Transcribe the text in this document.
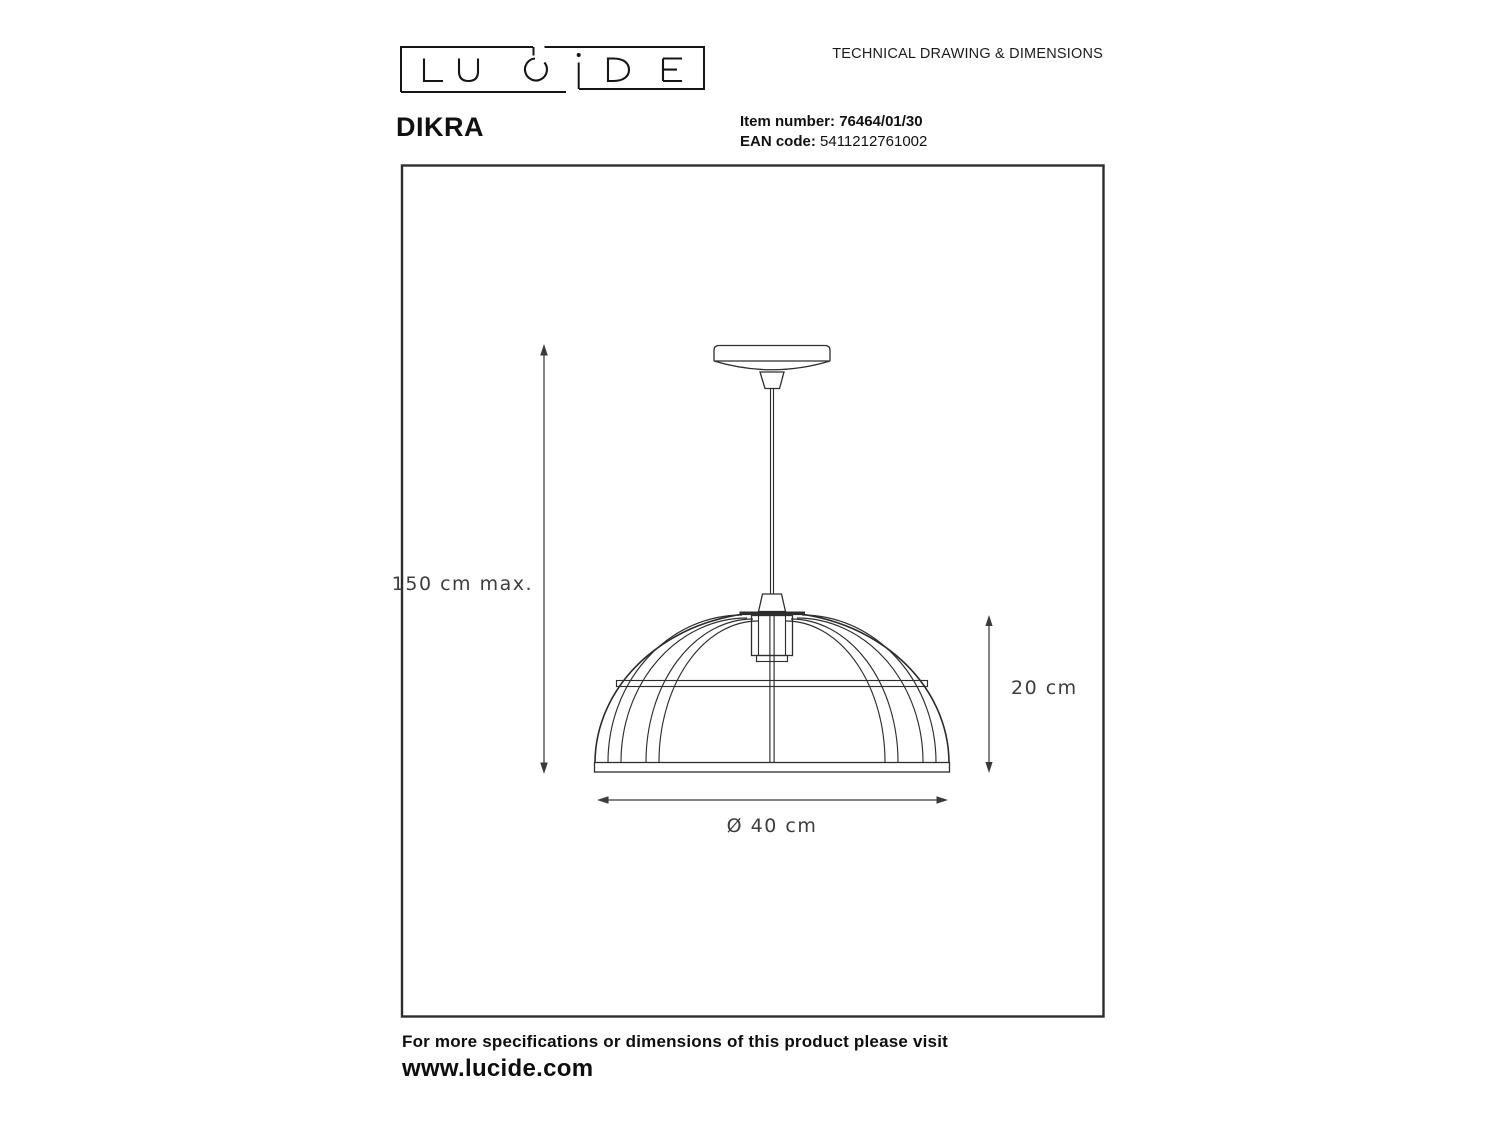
TECHNICAL DRAWING & DIMENSIONS
DIKRA	Item number: 76464/01/30
EAN code: 5411212761002
150 cm max.
20 cm
Ø 40 cm
For more specifications or dimensions of this product please visit
www.lucide.com
